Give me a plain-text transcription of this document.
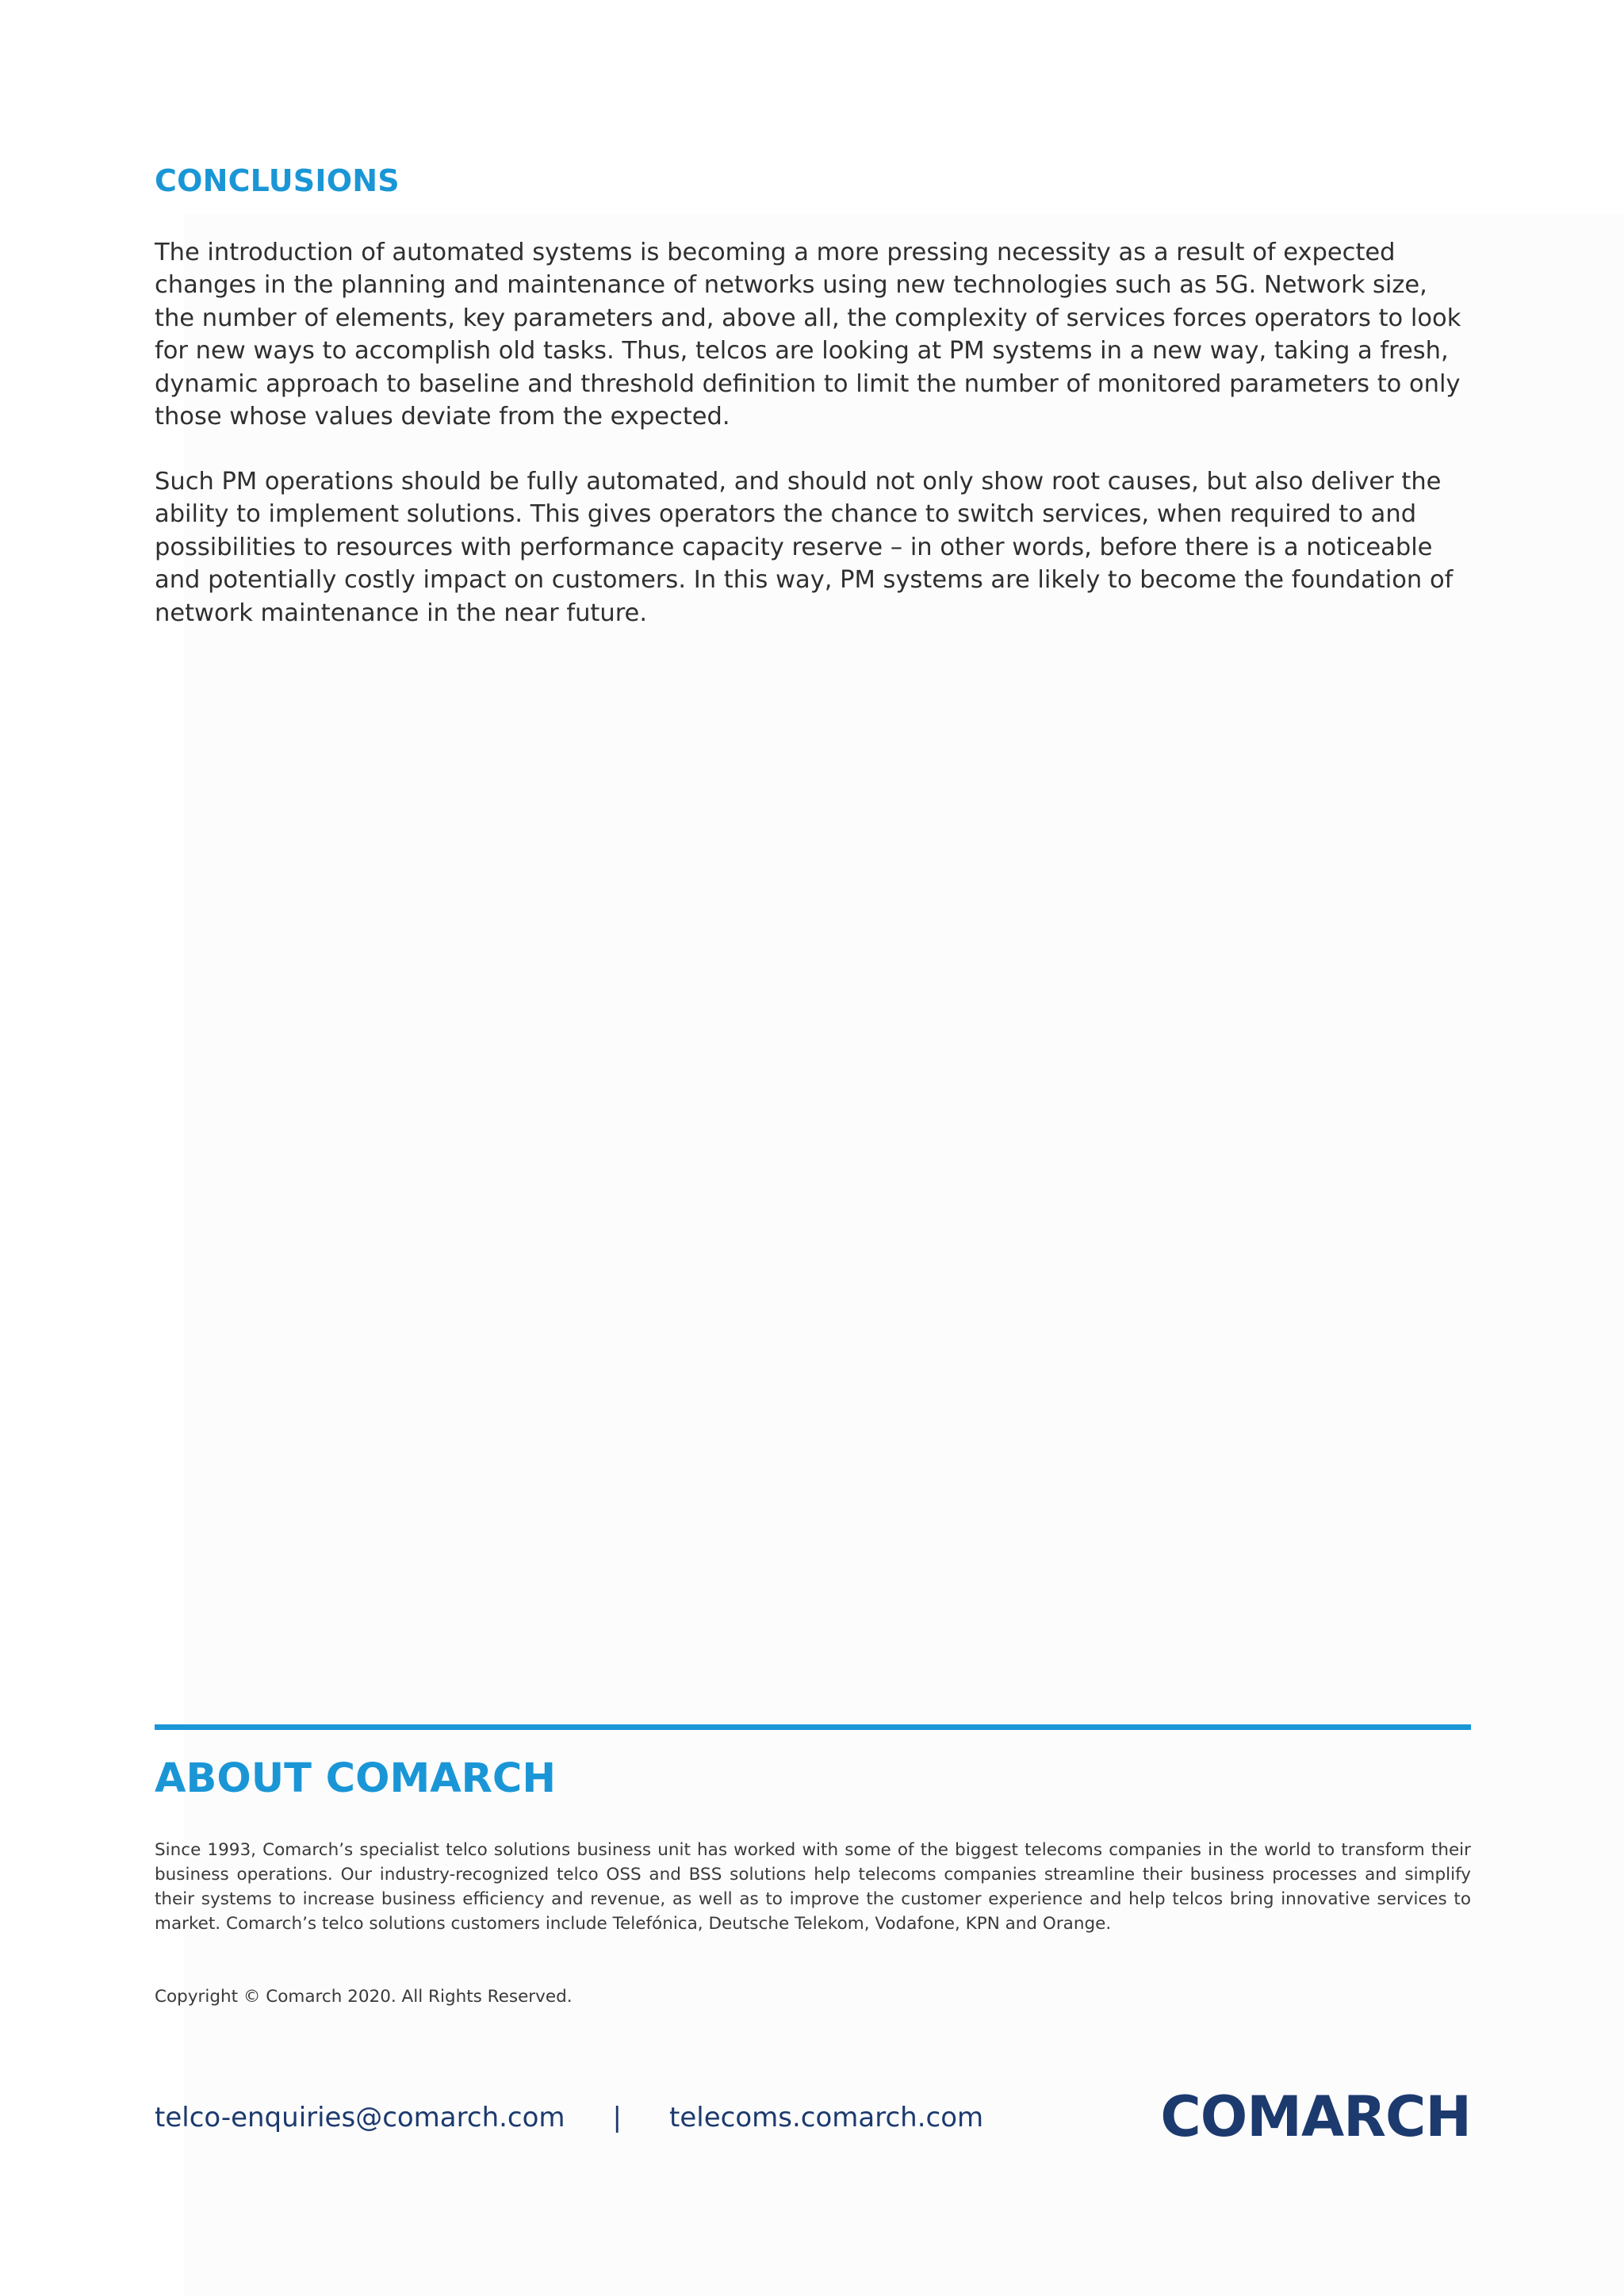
CONCLUSIONS

The introduction of automated systems is becoming a more pressing necessity as a result of expected changes in the planning and maintenance of networks using new technologies such as 5G. Network size, the number of elements, key parameters and, above all, the complexity of services forces operators to look for new ways to accomplish old tasks. Thus, telcos are looking at PM systems in a new way, taking a fresh, dynamic approach to baseline and threshold definition to limit the number of monitored parameters to only those whose values deviate from the expected.

Such PM operations should be fully automated, and should not only show root causes, but also deliver the ability to implement solutions. This gives operators the chance to switch services, when required to and possibilities to resources with performance capacity reserve – in other words, before there is a noticeable and potentially costly impact on customers. In this way, PM systems are likely to become the foundation of network maintenance in the near future.

ABOUT COMARCH

Since 1993, Comarch’s specialist telco solutions business unit has worked with some of the biggest telecoms companies in the world to transform their business operations. Our industry-recognized telco OSS and BSS solutions help telecoms companies streamline their business processes and simplify their systems to increase business efficiency and revenue, as well as to improve the customer experience and help telcos bring innovative services to market. Comarch’s telco solutions customers include Telefónica, Deutsche Telekom, Vodafone, KPN and Orange.

Copyright © Comarch 2020. All Rights Reserved.

telco-enquiries@comarch.com | telecoms.comarch.com	COMARCH
